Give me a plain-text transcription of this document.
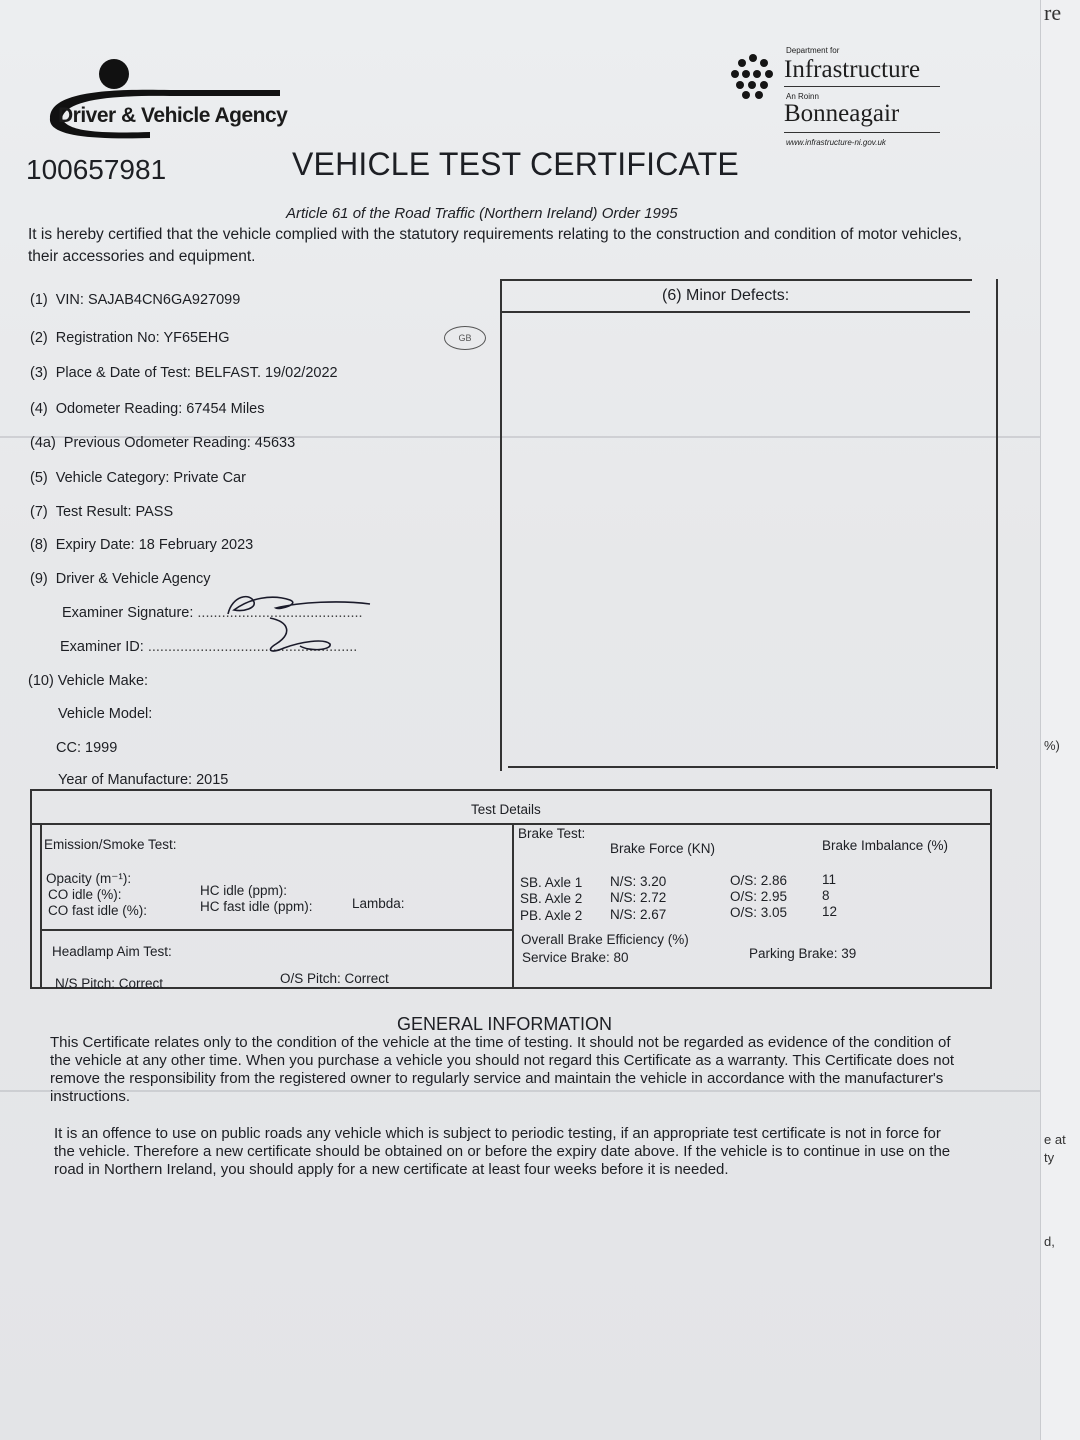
re
%)
e at
ty
d,
Driver & Vehicle Agency
Department for
Infrastructure
An Roinn
Bonneagair
www.infrastructure-ni.gov.uk
100657981	VEHICLE TEST CERTIFICATE
Article 61 of the Road Traffic (Northern Ireland) Order 1995
It is hereby certified that the vehicle complied with the statutory requirements relating to the construction and condition of motor vehicles, their accessories and equipment.
(1) VIN: SAJAB4CN6GA927099
(2) Registration No: YF65EHG
(3) Place & Date of Test: BELFAST. 19/02/2022
(4) Odometer Reading: 67454 Miles
(4a) Previous Odometer Reading: 45633
(5) Vehicle Category: Private Car
(7) Test Result: PASS
(8) Expiry Date: 18 February 2023
(9) Driver & Vehicle Agency
GB
Examiner Signature: .........................................
Examiner ID: ....................................................
(10) Vehicle Make:
Vehicle Model:
CC: 1999
Year of Manufacture: 2015
(6) Minor Defects:
Test Details
Emission/Smoke Test:
Opacity (m⁻¹):
CO idle (%):
CO fast idle (%):
HC idle (ppm):
HC fast idle (ppm):	Lambda:
Headlamp Aim Test:
N/S Pitch: Correct	O/S Pitch: Correct
Brake Test:
Brake Force (KN)	Brake Imbalance (%)
SB. Axle 1 N/S: 3.20	O/S: 2.86	11
SB. Axle 2 N/S: 2.72	O/S: 2.95	8
PB. Axle 2 N/S: 2.67	O/S: 3.05	12
Overall Brake Efficiency (%)
Service Brake: 80	Parking Brake: 39
GENERAL INFORMATION
This Certificate relates only to the condition of the vehicle at the time of testing. It should not be regarded as evidence of the condition of the vehicle at any other time. When you purchase a vehicle you should not regard this Certificate as a warranty. This Certificate does not remove the responsibility from the registered owner to regularly service and maintain the vehicle in accordance with the manufacturer's instructions.
It is an offence to use on public roads any vehicle which is subject to periodic testing, if an appropriate test certificate is not in force for the vehicle. Therefore a new certificate should be obtained on or before the expiry date above. If the vehicle is to continue in use on the road in Northern Ireland, you should apply for a new certificate at least four weeks before it is needed.
